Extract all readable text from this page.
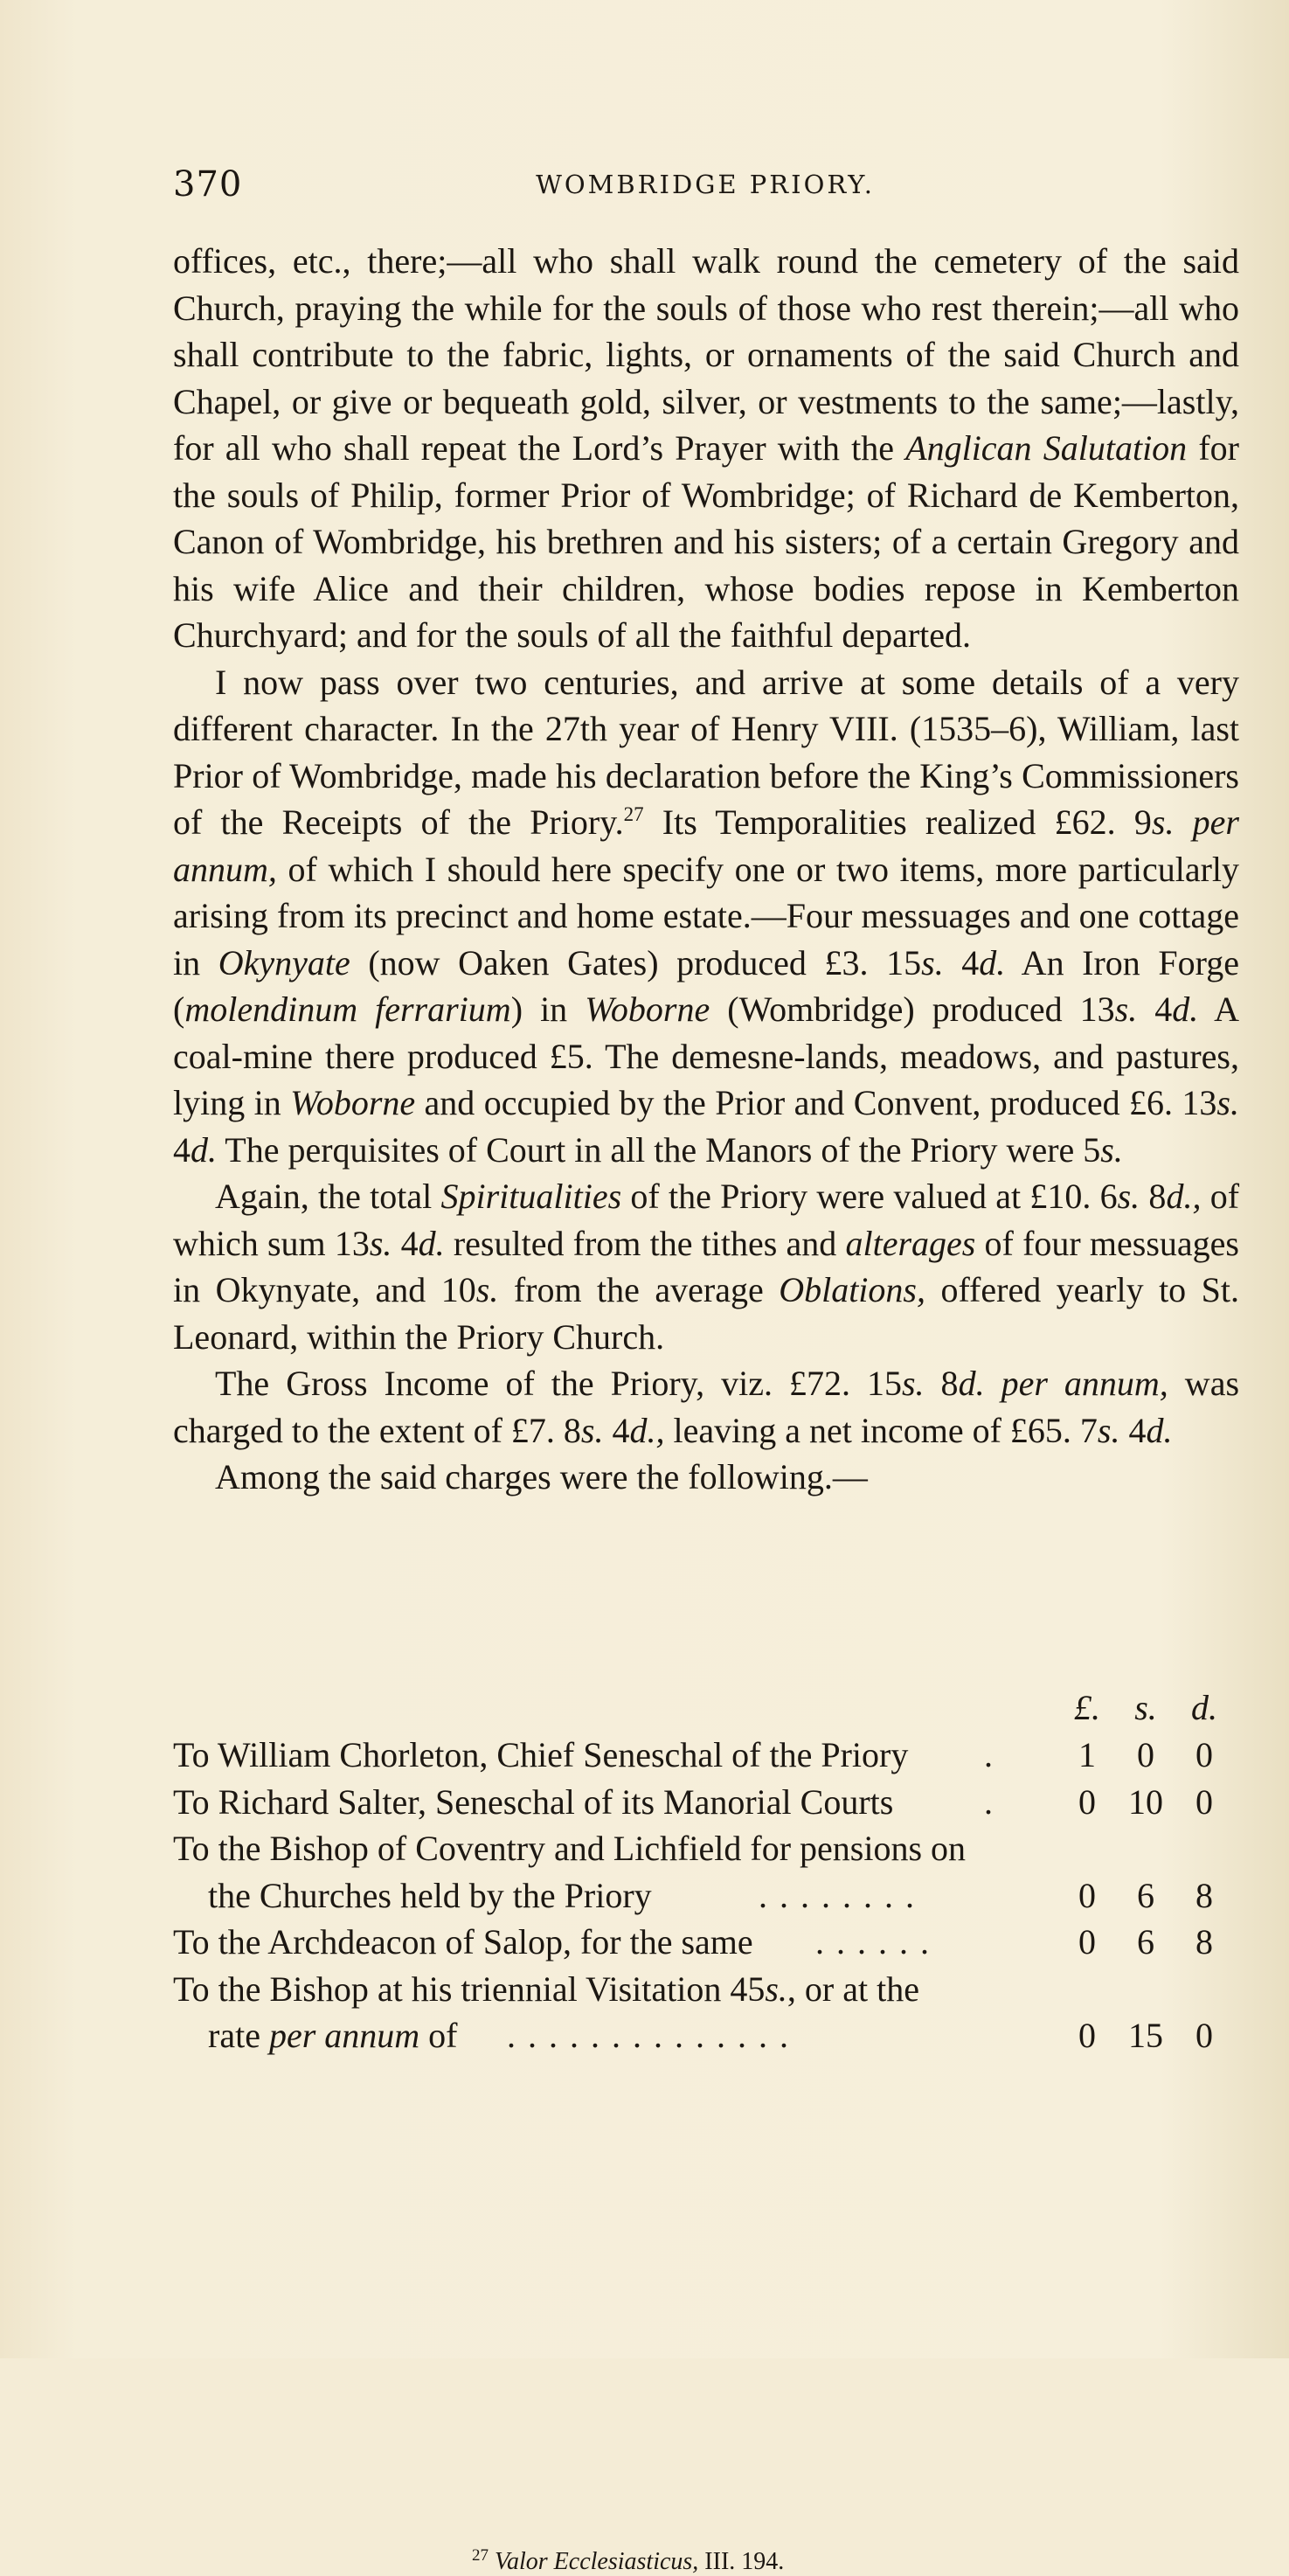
370	WOMBRIDGE PRIORY.

offices, etc., there;—all who shall walk round the cemetery of the said Church, praying the while for the souls of those who rest therein;—all who shall contribute to the fabric, lights, or ornaments of the said Church and Chapel, or give or bequeath gold, silver, or vestments to the same;—lastly, for all who shall repeat the Lord’s Prayer with the Anglican Salutation for the souls of Philip, former Prior of Wombridge; of Richard de Kemberton, Canon of Wombridge, his brethren and his sisters; of a certain Gregory and his wife Alice and their children, whose bodies repose in Kemberton Churchyard; and for the souls of all the faithful departed.

I now pass over two centuries, and arrive at some details of a very different character. In the 27th year of Henry VIII. (1535–6), William, last Prior of Wombridge, made his declaration before the King’s Commissioners of the Receipts of the Priory.$^{27}$ Its Temporalities realized £62. 9s. per annum, of which I should here specify one or two items, more particularly arising from its precinct and home estate.—Four messuages and one cottage in Okynyate (now Oaken Gates) produced £3. 15s. 4d. An Iron Forge (molendinum ferrarium) in Woborne (Wombridge) produced 13s. 4d. A coal-mine there produced £5. The demesne-lands, meadows, and pastures, lying in Woborne and occupied by the Prior and Convent, produced £6. 13s. 4d. The perquisites of Court in all the Manors of the Priory were 5s.

Again, the total Spiritualities of the Priory were valued at £10. 6s. 8d., of which sum 13s. 4d. resulted from the tithes and alterages of four messuages in Okynyate, and 10s. from the average Oblations, offered yearly to St. Leonard, within the Priory Church.

The Gross Income of the Priory, viz. £72. 15s. 8d. per annum, was charged to the extent of £7. 8s. 4d., leaving a net income of £65. 7s. 4d.

Among the said charges were the following.—

£. s. d.
To William Chorleton, Chief Seneschal of the Priory .	1	0	0
To Richard Salter, Seneschal of its Manorial Courts	.	0 10 0
To the Bishop of Coventry and Lichfield for pensions on
the Churches held by the Priory	........	0	6	8
To the Archdeacon of Salop, for the same ......	0	6	8
To the Bishop at his triennial Visitation 45s., or at the
rate per annum of ..............	0 15 0
$^{27}$ Valor Ecclesiasticus, III. 194.
